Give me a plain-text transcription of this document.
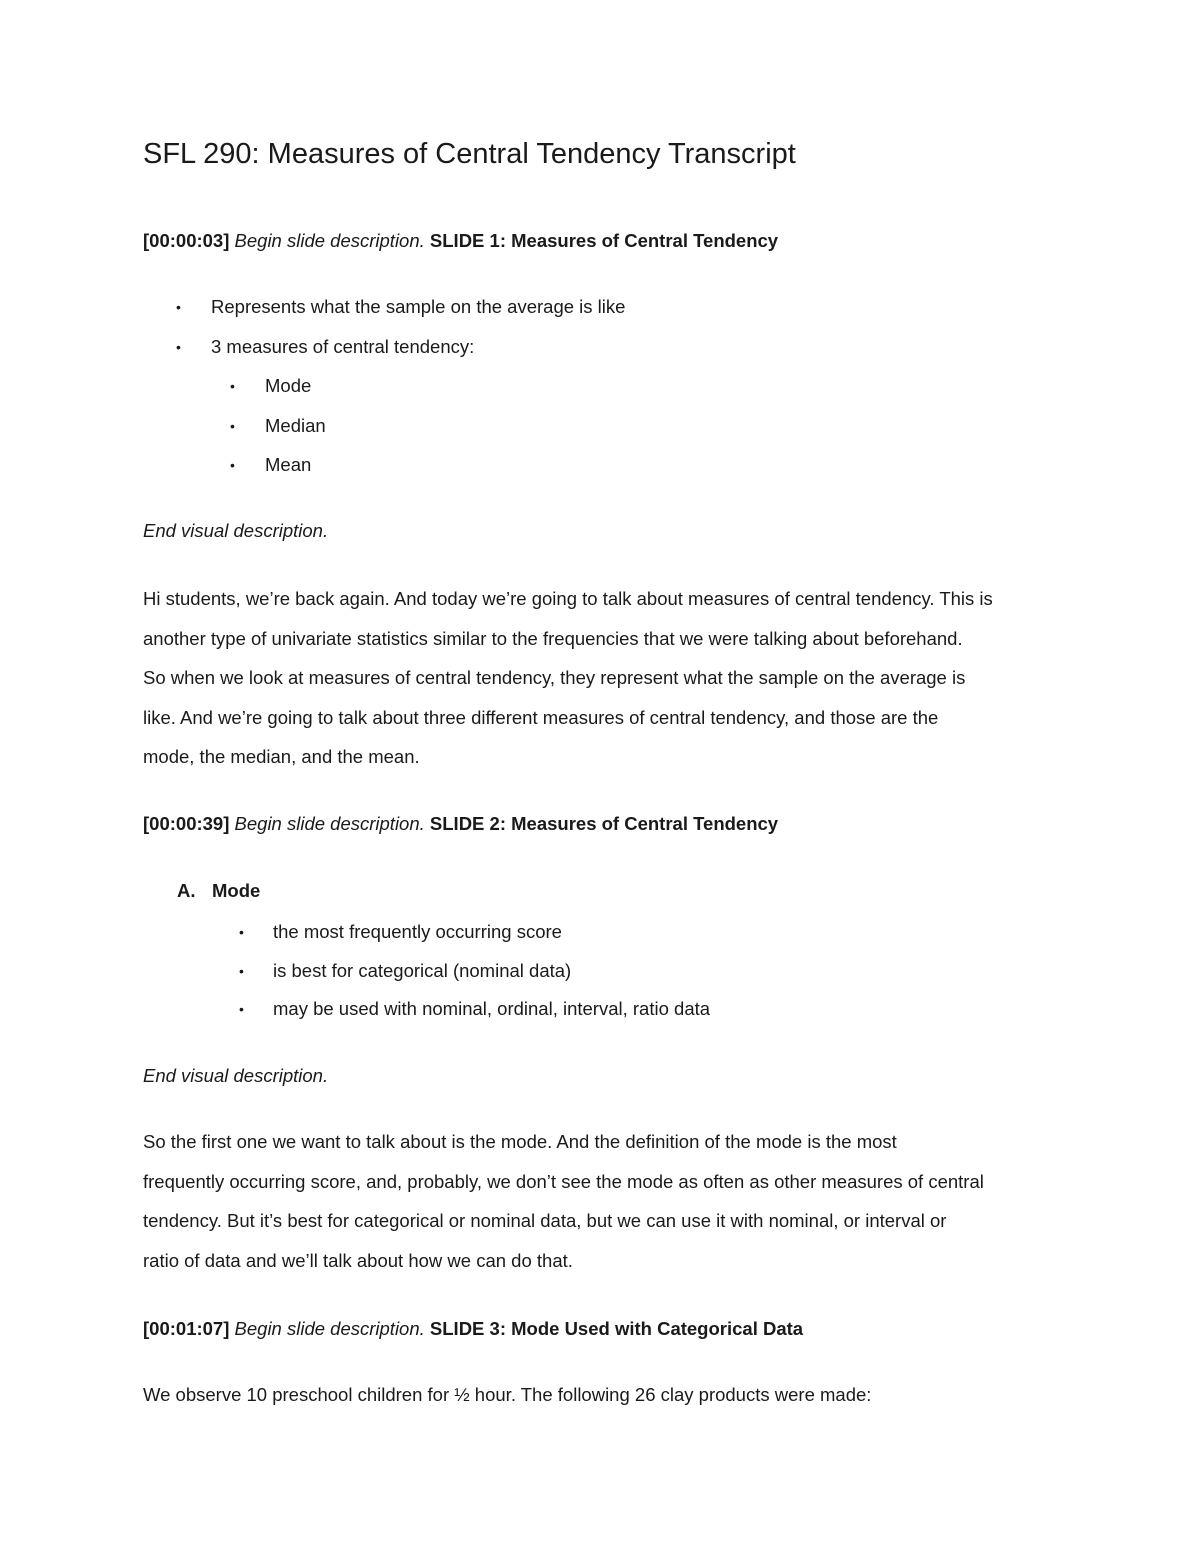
SFL 290: Measures of Central Tendency Transcript
[00:00:03] Begin slide description. SLIDE 1: Measures of Central Tendency
• Represents what the sample on the average is like
• 3 measures of central tendency:
• Mode
• Median
• Mean
End visual description.
Hi students, we’re back again. And today we’re going to talk about measures of central tendency. This is
another type of univariate statistics similar to the frequencies that we were talking about beforehand.
So when we look at measures of central tendency, they represent what the sample on the average is
like. And we’re going to talk about three different measures of central tendency, and those are the
mode, the median, and the mean.
[00:00:39] Begin slide description. SLIDE 2: Measures of Central Tendency
A. Mode
• the most frequently occurring score
• is best for categorical (nominal data)
• may be used with nominal, ordinal, interval, ratio data
End visual description.
So the first one we want to talk about is the mode. And the definition of the mode is the most
frequently occurring score, and, probably, we don’t see the mode as often as other measures of central
tendency. But it’s best for categorical or nominal data, but we can use it with nominal, or interval or
ratio of data and we’ll talk about how we can do that.
[00:01:07] Begin slide description. SLIDE 3: Mode Used with Categorical Data
We observe 10 preschool children for ½ hour. The following 26 clay products were made:
